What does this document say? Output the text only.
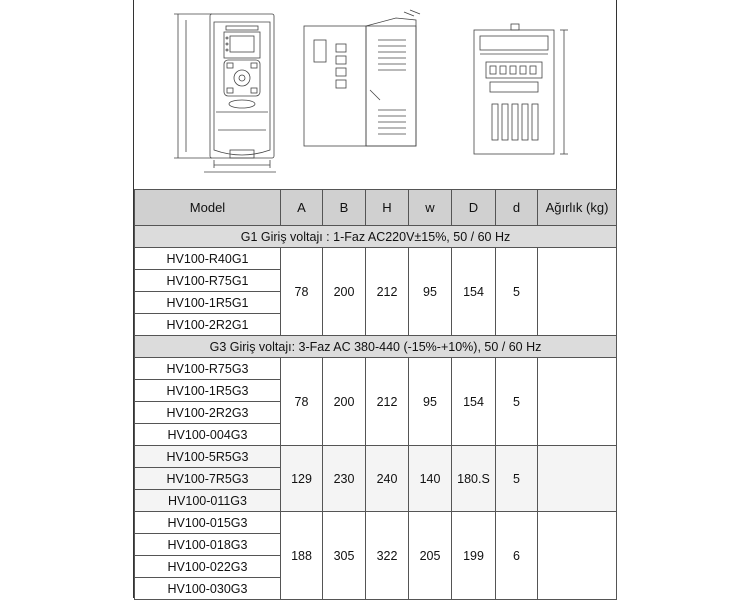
Model	A	B	H	w	D	d	Ağırlık (kg)
G1 Giriş voltajı : 1-Faz AC220V±15%, 50 / 60 Hz							
HV100-R40G1	78	200	212	95	154	5	
HV100-R75G1							
HV100-1R5G1							
HV100-2R2G1							
G3 Giriş voltajı: 3-Faz AC 380-440 (-15%-+10%), 50 / 60 Hz							
HV100-R75G3	78	200	212	95	154	5	
HV100-1R5G3							
HV100-2R2G3							
HV100-004G3							
HV100-5R5G3	129	230	240	140	180.S	5	
HV100-7R5G3							
HV100-011G3							
HV100-015G3	188	305	322	205	199	6	
HV100-018G3							
HV100-022G3							
HV100-030G3							
